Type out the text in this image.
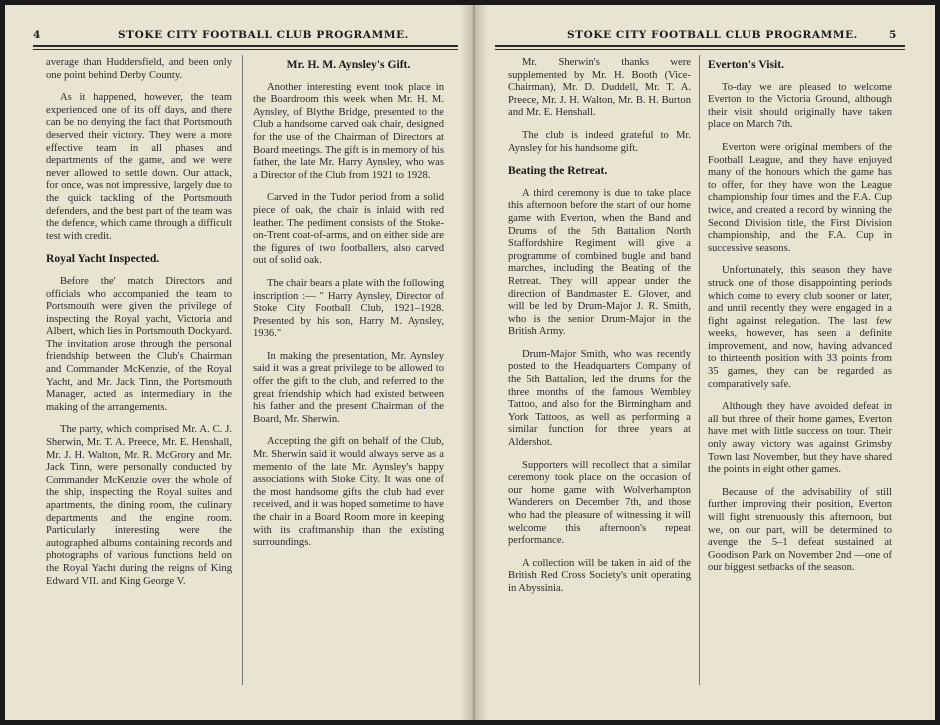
4	STOKE CITY FOOTBALL CLUB PROGRAMME.

average than Huddersfield, and been only one point behind Derby County.

As it happened, however, the team experienced one of its off days, and there can be no denying the fact that Portsmouth deserved their victory. They were a more effective team in all phases and departments of the game, and we were never allowed to settle down. Our attack, for once, was not impressive, largely due to the quick tackling of the Portsmouth defenders, and the best part of the team was the defence, which came through a difficult test with credit.

Royal Yacht Inspected.

Before the' match Directors and officials who accompanied the team to Portsmouth were given the privilege of inspecting the Royal yacht, Victoria and Albert, which lies in Portsmouth Dockyard. The invitation arose through the personal friendship between the Club's Chairman and Commander McKenzie, of the Royal Yacht, and Mr. Jack Tinn, the Portsmouth Manager, acted as intermediary in the making of the arrangements.

The party, which comprised Mr. A. C. J. Sherwin, Mr. T. A. Preece, Mr. E. Henshall, Mr. J. H. Walton, Mr. R. McGrory and Mr. Jack Tinn, were personally conducted by Commander McKenzie over the whole of the ship, inspecting the Royal suites and apartments, the dining room, the culinary departments and the engine room. Particularly interesting were the autographed albums containing records and photographs of various functions held on the Royal Yacht during the reigns of King Edward VII. and King George V.

Mr. H. M. Aynsley's Gift.

Another interesting event took place in the Boardroom this week when Mr. H. M. Aynsley, of Blythe Bridge, presented to the Club a handsome carved oak chair, designed for the use of the Chairman of Directors at Board meetings. The gift is in memory of his father, the late Mr. Harry Aynsley, who was a Director of the Club from 1921 to 1928.

Carved in the Tudor period from a solid piece of oak, the chair is inlaid with red leather. The pediment consists of the Stoke-on-Trent coat-of-arms, and on either side are the figures of two footballers, also carved out of solid oak.

The chair bears a plate with the following inscription :— " Harry Aynsley, Director of Stoke City Football Club, 1921–1928. Presented by his son, Harry M. Aynsley, 1936."

In making the presentation, Mr. Aynsley said it was a great privilege to be allowed to offer the gift to the club, and referred to the great friendship which had existed between his father and the present Chairman of the Board, Mr. Sherwin.

Accepting the gift on behalf of the Club, Mr. Sherwin said it would always serve as a memento of the late Mr. Aynsley's happy associations with Stoke City. It was one of the most handsome gifts the club had ever received, and it was hoped sometime to have the chair in a Board Room more in keeping with its craftmanship than the existing surroundings.

STOKE CITY FOOTBALL CLUB PROGRAMME.	5

Mr. Sherwin's thanks were supplemented by Mr. H. Booth (Vice-Chairman), Mr. D. Duddell, Mr. T. A. Preece, Mr. J. H. Walton, Mr. B. H. Burton and Mr. E. Henshall.

The club is indeed grateful to Mr. Aynsley for his handsome gift.

Beating the Retreat.

A third ceremony is due to take place this afternoon before the start of our home game with Everton, when the Band and Drums of the 5th Battalion North Staffordshire Regiment will give a programme of combined bugle and band marches, including the Beating of the Retreat. They will appear under the direction of Bandmaster E. Glover, and will be led by Drum-Major J. R. Smith, who is the senior Drum-Major in the British Army.

Drum-Major Smith, who was recently posted to the Headquarters Company of the 5th Battalion, led the drums for the three months of the famous Wembley Tattoo, and also for the Birmingham and York Tattoos, as well as performing a similar function for three years at Aldershot.

Supporters will recollect that a similar ceremony took place on the occasion of our home game with Wolverhampton Wanderers on December 7th, and those who had the pleasure of witnessing it will welcome this afternoon's repeat performance.

A collection will be taken in aid of the British Red Cross Society's unit operating in Abyssinia.

Everton's Visit.

To-day we are pleased to welcome Everton to the Victoria Ground, although their visit should originally have taken place on March 7th.

Everton were original members of the Football League, and they have enjoyed many of the honours which the game has to offer, for they have won the League championship four times and the F.A. Cup twice, and created a record by winning the Second Division title, the First Division championship, and the F.A. Cup in successive seasons.

Unfortunately, this season they have struck one of those disappointing periods which come to every club sooner or later, and until recently they were engaged in a fight against relegation. The last few weeks, however, has seen a definite improvement, and now, having advanced to thirteenth position with 33 points from 35 games, they can be regarded as comparatively safe.

Although they have avoided defeat in all but three of their home games, Everton have met with little success on tour. Their only away victory was against Grimsby Town last November, but they have shared the points in eight other games.

Because of the advisability of still further improving their position, Everton will fight strenuously this afternoon, but we, on our part, will be determined to avenge the 5–1 defeat sustained at Goodison Park on November 2nd —one of our biggest setbacks of the season.
